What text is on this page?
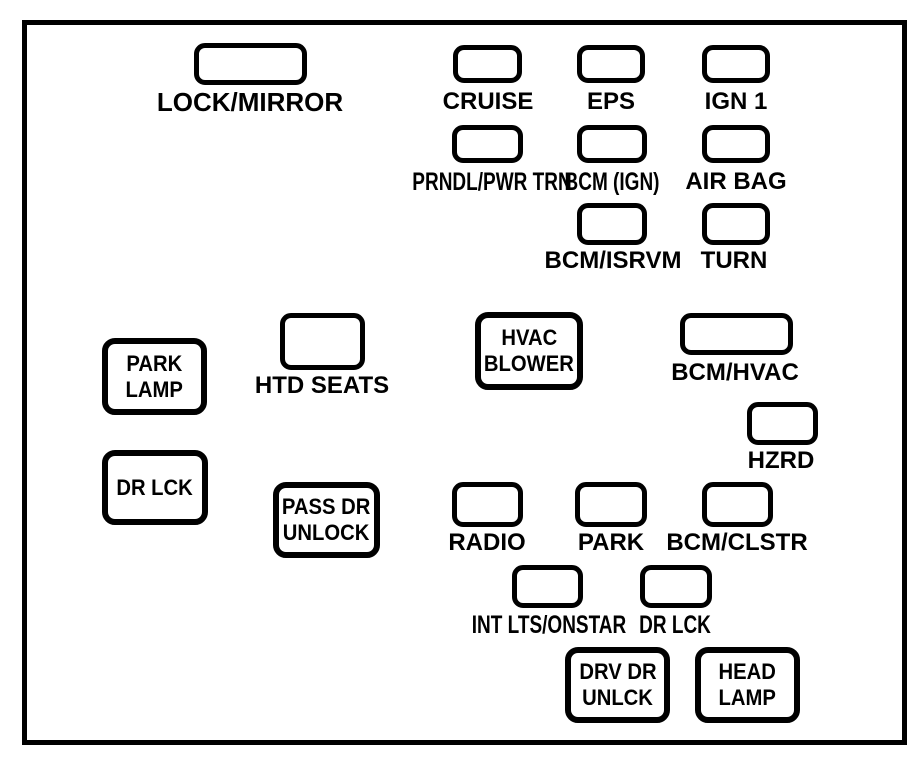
LOCK/MIRROR	CRUISE EPS	IGN 1
PRNDL/PWR TRN
BCM (IGN) AIR BAG
BCM/ISRVM TURN
HTD SEATS	BCM/HVAC
HZRD
RADIO PARK BCM/CLSTR
INT LTS/ONSTAR DR LCK
PARK
LAMP
DR LCK
PASS DR
UNLOCK
HVAC
BLOWER
DRV DR
UNLCK
HEAD
LAMP
